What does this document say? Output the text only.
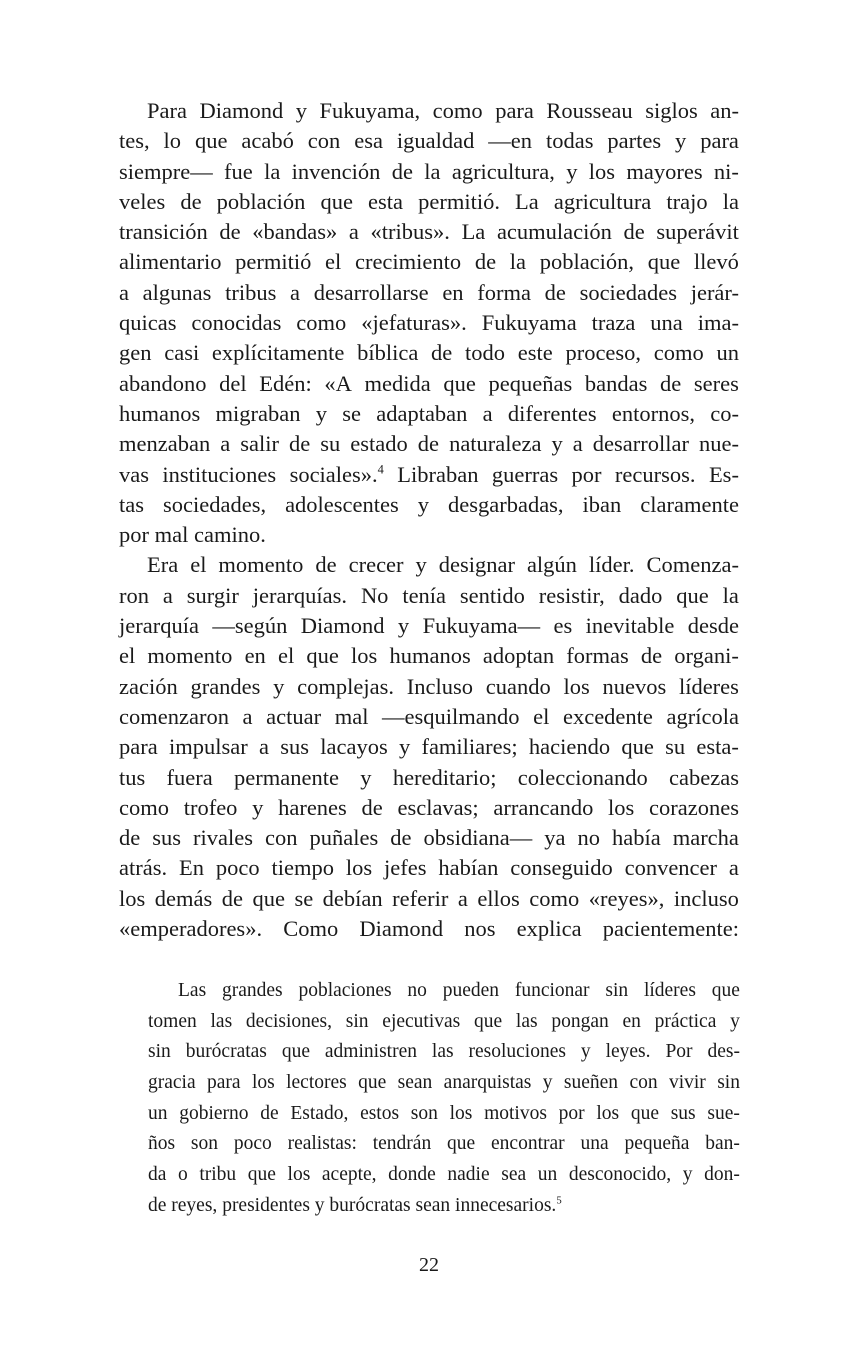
Para Diamond y Fukuyama, como para Rousseau siglos an-
tes, lo que acabó con esa igualdad —en todas partes y para
siempre— fue la invención de la agricultura, y los mayores ni-
veles de población que esta permitió. La agricultura trajo la
transición de «bandas» a «tribus». La acumulación de superávit
alimentario permitió el crecimiento de la población, que llevó
a algunas tribus a desarrollarse en forma de sociedades jerár-
quicas conocidas como «jefaturas». Fukuyama traza una ima-
gen casi explícitamente bíblica de todo este proceso, como un
abandono del Edén: «A medida que pequeñas bandas de seres
humanos migraban y se adaptaban a diferentes entornos, co-
menzaban a salir de su estado de naturaleza y a desarrollar nue-
vas instituciones sociales».$^4$ Libraban guerras por recursos. Es-
tas sociedades, adolescentes y desgarbadas, iban claramente
por mal camino.
Era el momento de crecer y designar algún líder. Comenza-
ron a surgir jerarquías. No tenía sentido resistir, dado que la
jerarquía —según Diamond y Fukuyama— es inevitable desde
el momento en el que los humanos adoptan formas de organi-
zación grandes y complejas. Incluso cuando los nuevos líderes
comenzaron a actuar mal —esquilmando el excedente agrícola
para impulsar a sus lacayos y familiares; haciendo que su esta-
tus fuera permanente y hereditario; coleccionando cabezas
como trofeo y harenes de esclavas; arrancando los corazones
de sus rivales con puñales de obsidiana— ya no había marcha
atrás. En poco tiempo los jefes habían conseguido convencer a
los demás de que se debían referir a ellos como «reyes», incluso
«emperadores». Como Diamond nos explica pacientemente:
Las grandes poblaciones no pueden funcionar sin líderes que
tomen las decisiones, sin ejecutivas que las pongan en práctica y
sin burócratas que administren las resoluciones y leyes. Por des-
gracia para los lectores que sean anarquistas y sueñen con vivir sin
un gobierno de Estado, estos son los motivos por los que sus sue-
ños son poco realistas: tendrán que encontrar una pequeña ban-
da o tribu que los acepte, donde nadie sea un desconocido, y don-
de reyes, presidentes y burócratas sean innecesarios.$^5$
22
